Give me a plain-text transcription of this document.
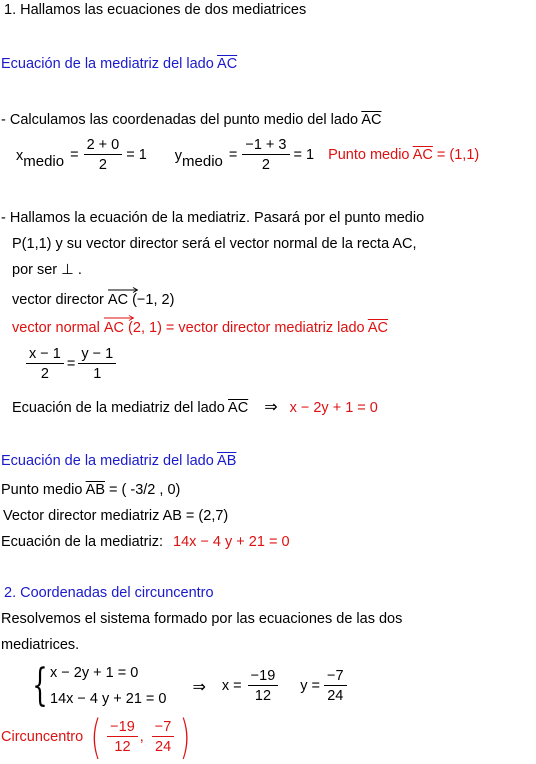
1. Hallamos las ecuaciones de dos mediatrices
Ecuación de la mediatriz del lado $\overline{AC}$
- Calculamos las coordenadas del punto medio del lado $\overline{AC}$
xmedio = $\frac{2 + 0}{2} = 1$ ymedio = $\frac{-1 + 3}{2} = 1$ Punto medio $\overline{AC} = (1,1)$
- Hallamos la ecuación de la mediatriz. Pasará por el punto medio
P(1,1) y su vector director será el vector normal de la recta AC,
por ser ⊥ .
vector director
AC (−1, 2)
vector normal
AC (2, 1) = vector director mediatriz lado $\overline{AC}$
$\frac{x - 1}{2} = \frac{y - 1}{1}$
Ecuación de la mediatriz del lado $\overline{AC}$ ⇒ x − 2y + 1 = 0
Ecuación de la mediatriz del lado $\overline{AB}$
Punto medio $\overline{AB}$ = ( -3/2 , 0)
Vector director mediatriz AB = (2,7)
Ecuación de la mediatriz: 14x − 4 y + 21 = 0
2. Coordenadas del circuncentro
Resolvemos el sistema formado por las ecuaciones de las dos
mediatrices.
{ x − 2y + 1 = 0
14x − 4 y + 21 = 0
⇒ $x = \frac{-19}{12}$ $y = \frac{-7}{24}$
Circuncentro ( $\frac{-19}{12}$ , $\frac{-7}{24}$ )
